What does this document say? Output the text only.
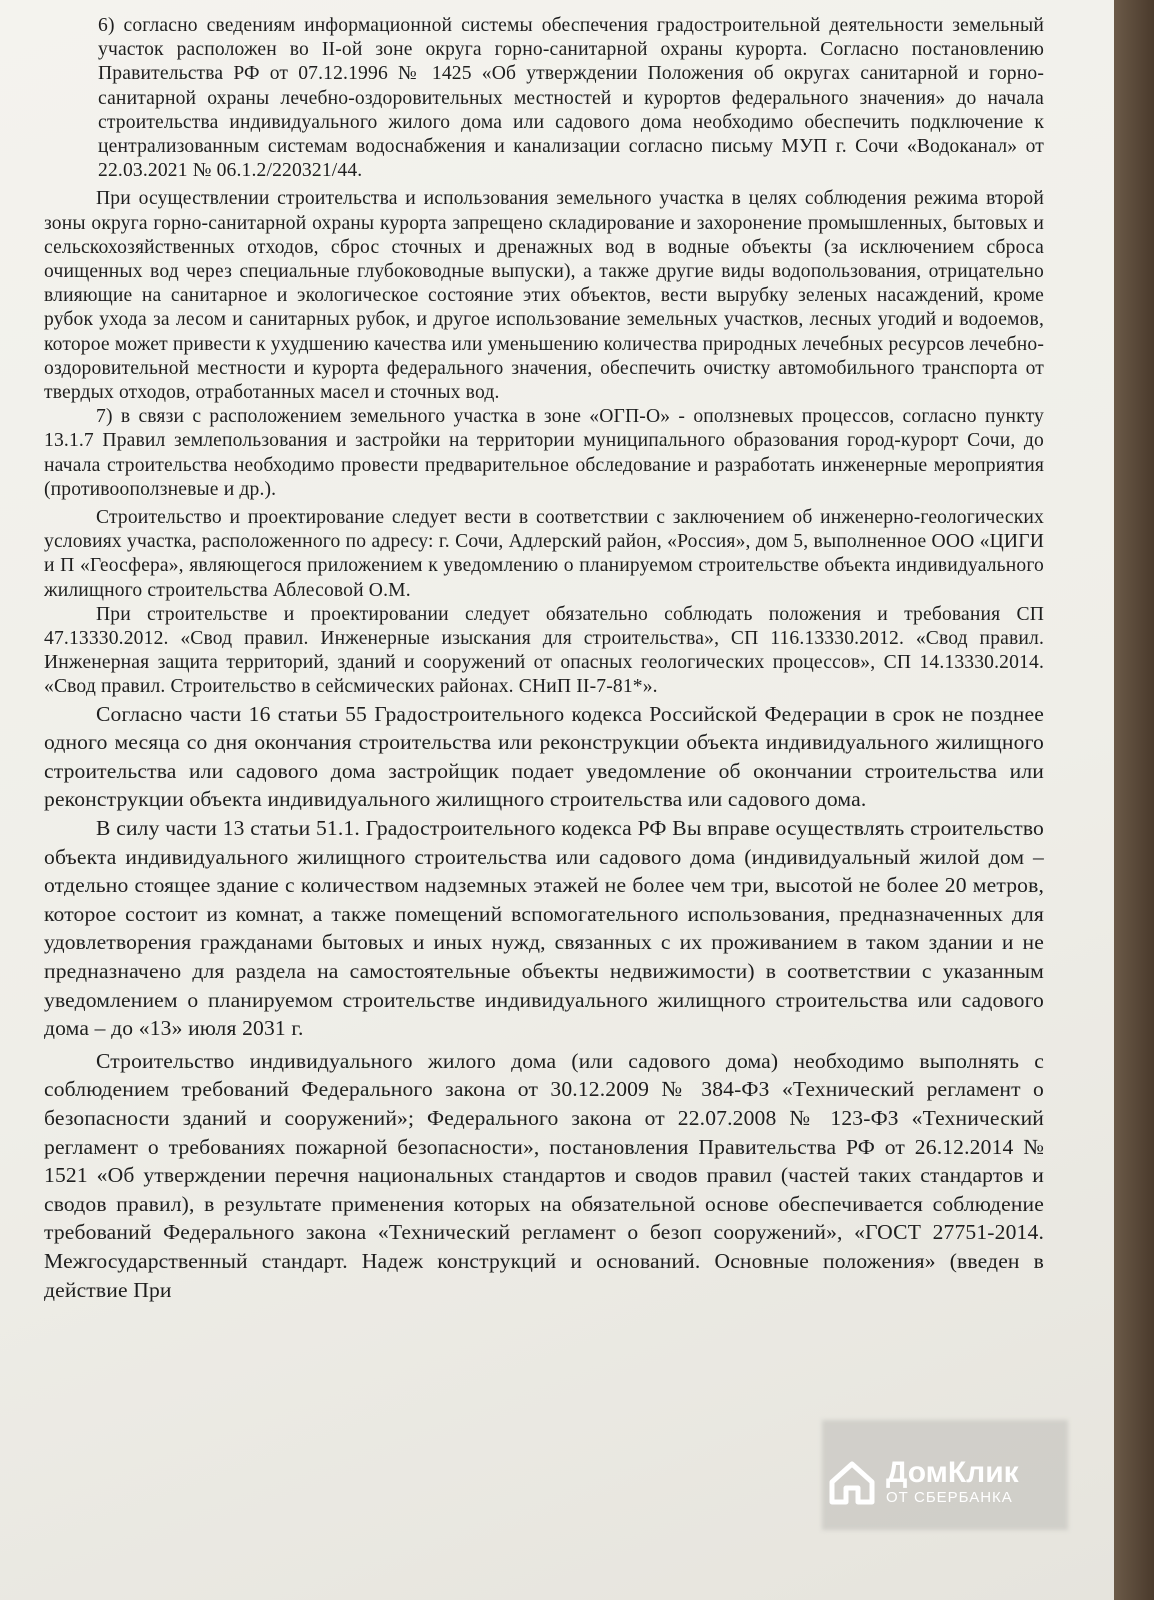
6) согласно сведениям информационной системы обеспечения градостроительной деятельности земельный участок расположен во II-ой зоне округа горно-санитарной охраны курорта. Согласно постановлению Правительства РФ от 07.12.1996 № 1425 «Об утверждении Положения об округах санитарной и горно-санитарной охраны лечебно-оздоровительных местностей и курортов федерального значения» до начала строительства индивидуального жилого дома или садового дома необходимо обеспечить подключение к централизованным системам водоснабжения и канализации согласно письму МУП г. Сочи «Водоканал» от 22.03.2021 № 06.1.2/220321/44.

При осуществлении строительства и использования земельного участка в целях соблюдения режима второй зоны округа горно-санитарной охраны курорта запрещено складирование и захоронение промышленных, бытовых и сельскохозяйственных отходов, сброс сточных и дренажных вод в водные объекты (за исключением сброса очищенных вод через специальные глубоководные выпуски), а также другие виды водопользования, отрицательно влияющие на санитарное и экологическое состояние этих объектов, вести вырубку зеленых насаждений, кроме рубок ухода за лесом и санитарных рубок, и другое использование земельных участков, лесных угодий и водоемов, которое может привести к ухудшению качества или уменьшению количества природных лечебных ресурсов лечебно-оздоровительной местности и курорта федерального значения, обеспечить очистку автомобильного транспорта от твердых отходов, отработанных масел и сточных вод.

7) в связи с расположением земельного участка в зоне «ОГП-О» - оползневых процессов, согласно пункту 13.1.7 Правил землепользования и застройки на территории муниципального образования город-курорт Сочи, до начала строительства необходимо провести предварительное обследование и разработать инженерные мероприятия (противооползневые и др.).

Строительство и проектирование следует вести в соответствии с заключением об инженерно-геологических условиях участка, расположенного по адресу: г. Сочи, Адлерский район, «Россия», дом 5, выполненное ООО «ЦИГИ и П «Геосфера», являющегося приложением к уведомлению о планируемом строительстве объекта индивидуального жилищного строительства Аблесовой О.М.

При строительстве и проектировании следует обязательно соблюдать положения и требования СП 47.13330.2012. «Свод правил. Инженерные изыскания для строительства», СП 116.13330.2012. «Свод правил. Инженерная защита территорий, зданий и сооружений от опасных геологических процессов», СП 14.13330.2014. «Свод правил. Строительство в сейсмических районах. СНиП II-7-81*».

Согласно части 16 статьи 55 Градостроительного кодекса Российской Федерации в срок не позднее одного месяца со дня окончания строительства или реконструкции объекта индивидуального жилищного строительства или садового дома застройщик подает уведомление об окончании строительства или реконструкции объекта индивидуального жилищного строительства или садового дома.

В силу части 13 статьи 51.1. Градостроительного кодекса РФ Вы вправе осуществлять строительство объекта индивидуального жилищного строительства или садового дома (индивидуальный жилой дом – отдельно стоящее здание с количеством надземных этажей не более чем три, высотой не более 20 метров, которое состоит из комнат, а также помещений вспомогательного использования, предназначенных для удовлетворения гражданами бытовых и иных нужд, связанных с их проживанием в таком здании и не предназначено для раздела на самостоятельные объекты недвижимости) в соответствии с указанным уведомлением о планируемом строительстве индивидуального жилищного строительства или садового дома – до «13» июля 2031 г.

Строительство индивидуального жилого дома (или садового дома) необходимо выполнять с соблюдением требований Федерального закона от 30.12.2009 № 384-ФЗ «Технический регламент о безопасности зданий и сооружений»; Федерального закона от 22.07.2008 № 123-ФЗ «Технический регламент о требованиях пожарной безопасности», постановления Правительства РФ от 26.12.2014 № 1521 «Об утверждении перечня национальных стандартов и сводов правил (частей таких стандартов и сводов правил), в результате применения которых на обязательной основе обеспечивается соблюдение требований Федерального закона «Технический регламент о безоп сооружений», «ГОСТ 27751-2014. Межгосударственный стандарт. Надеж конструкций и оснований. Основные положения» (введен в действие При

ДомКлик
ОТ СБЕРБАНКА
